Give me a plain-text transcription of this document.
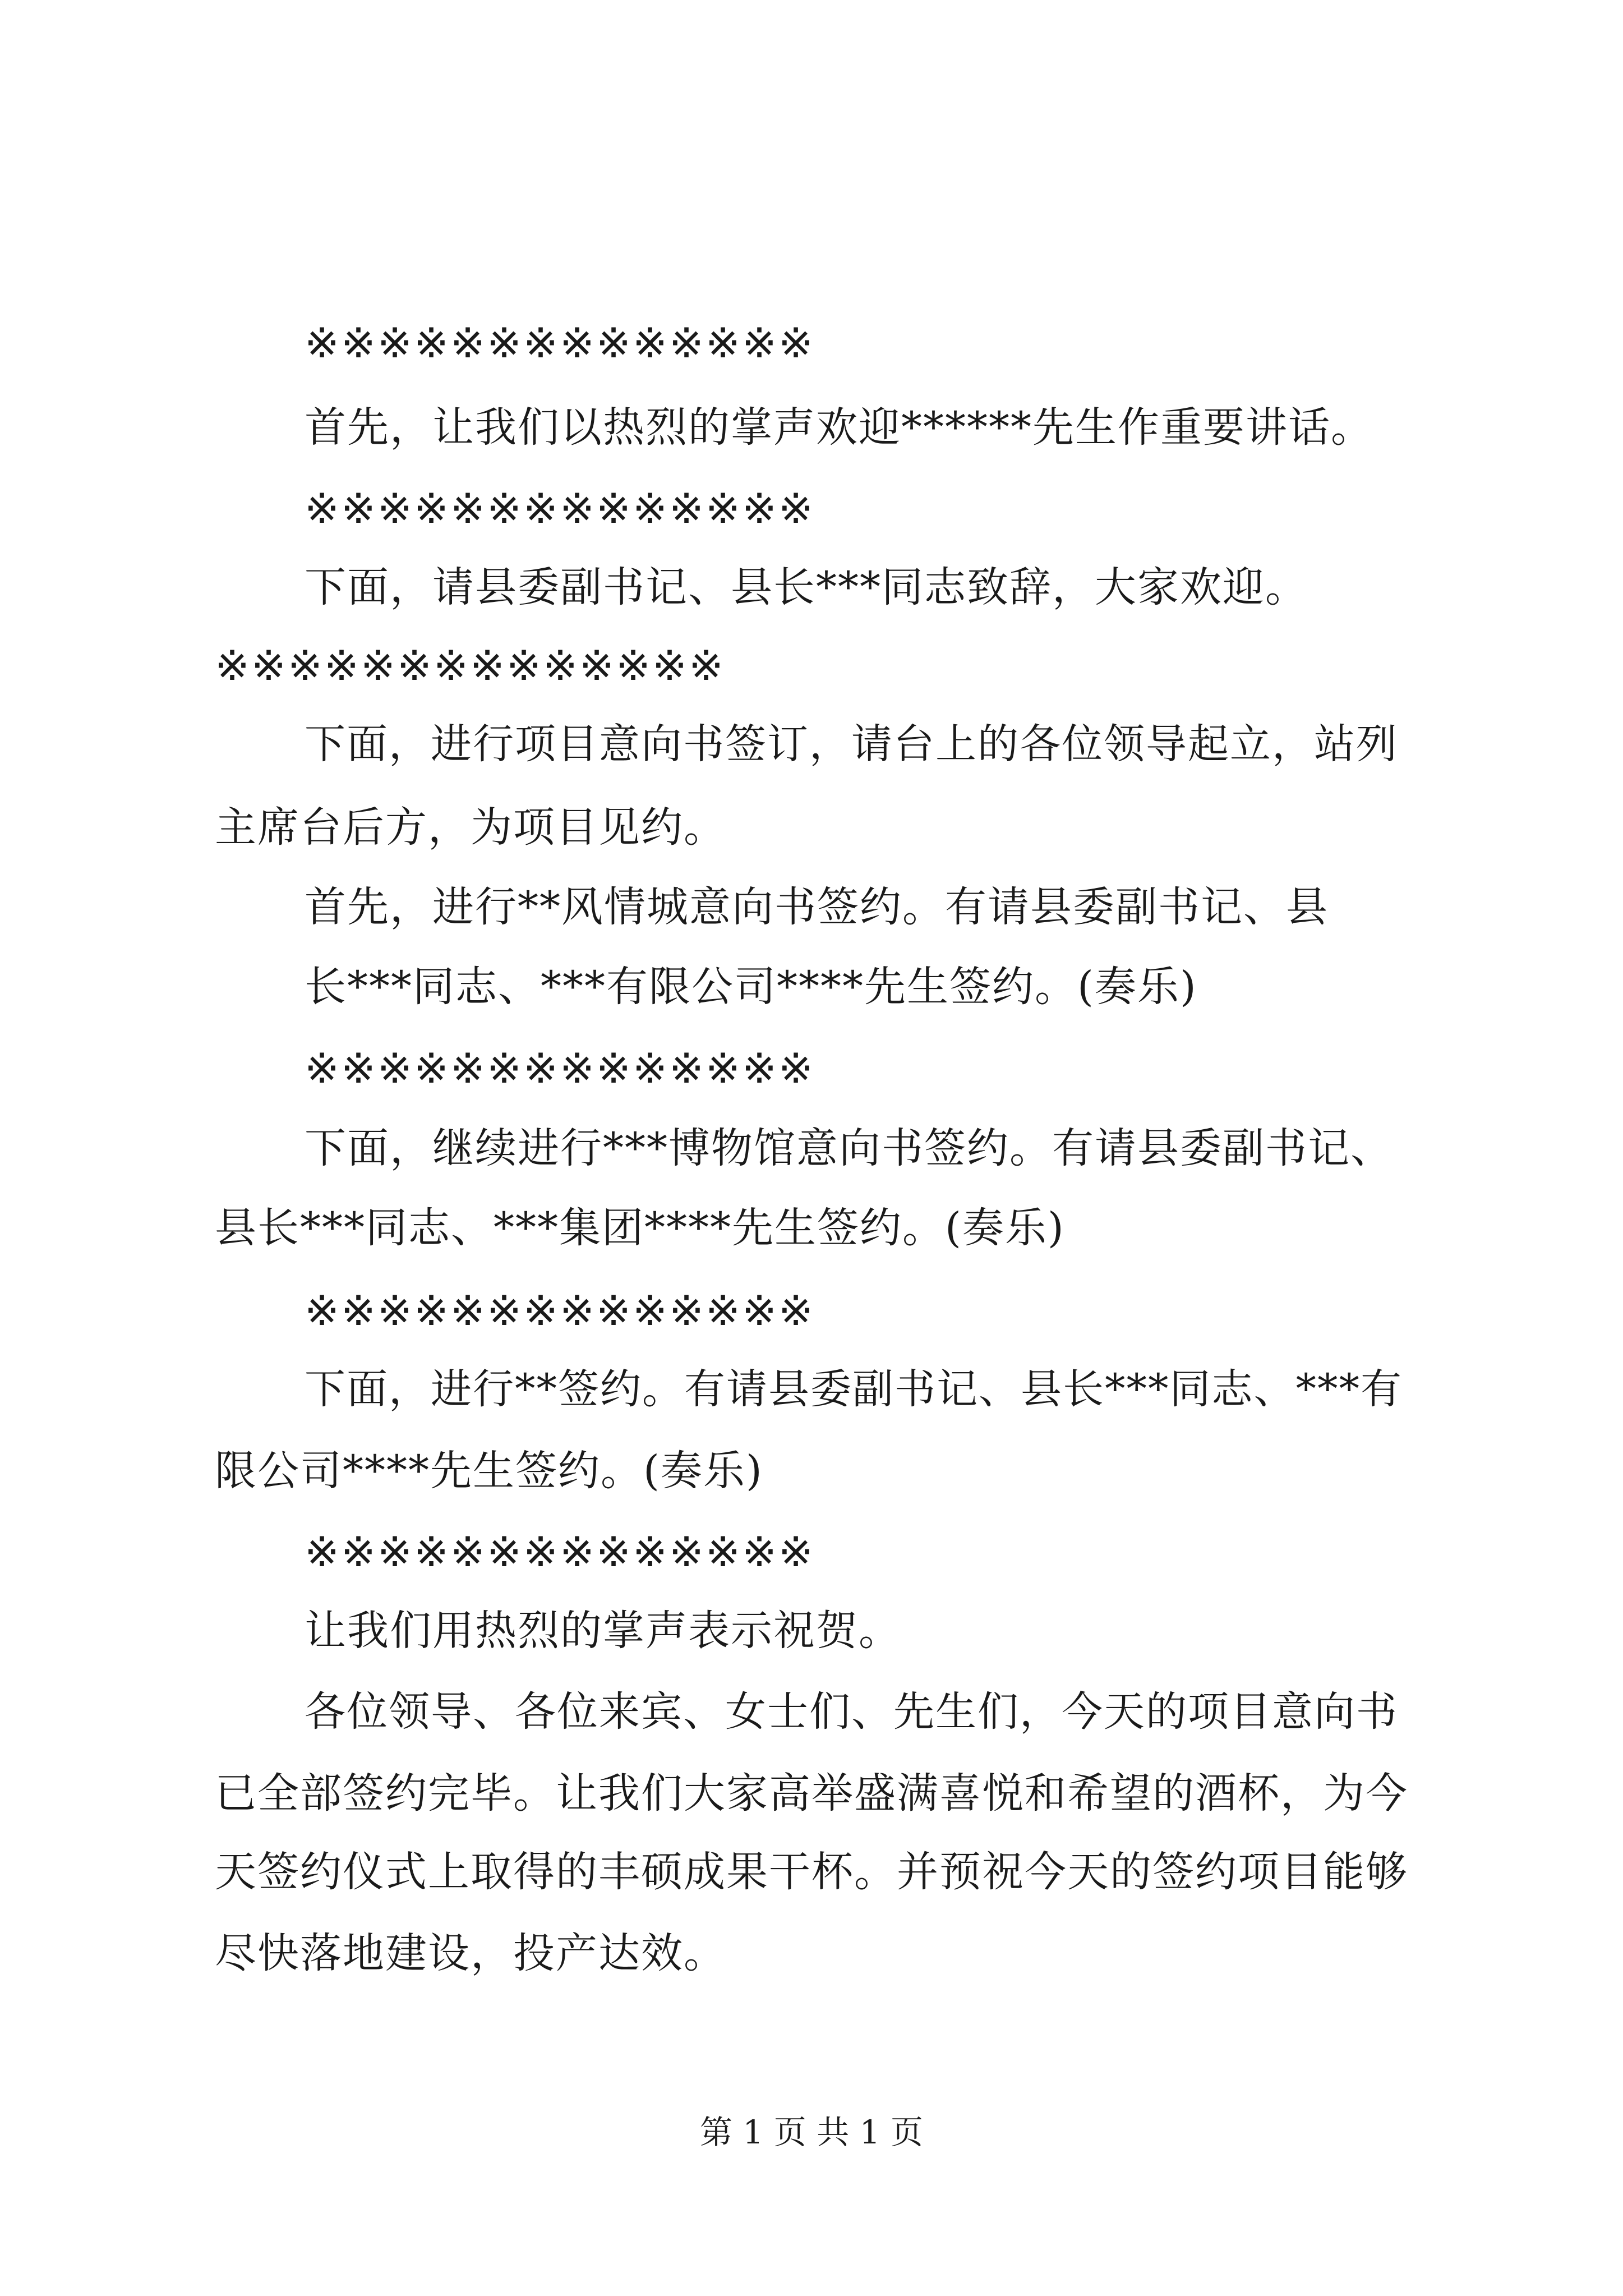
※※※※※※※※※※※※※※
首先，让我们以热烈的掌声欢迎******先生作重要讲话。
※※※※※※※※※※※※※※
下面，请县委副书记、县长***同志致辞，大家欢迎。
※※※※※※※※※※※※※※
下面，进行项目意向书签订，请台上的各位领导起立，站列
主席台后方，为项目见约。
首先，进行**风情城意向书签约。有请县委副书记、县
长***同志、***有限公司****先生签约。(奏乐)
※※※※※※※※※※※※※※
下面，继续进行***博物馆意向书签约。有请县委副书记、
县长***同志、***集团****先生签约。(奏乐)
※※※※※※※※※※※※※※
下面，进行**签约。有请县委副书记、县长***同志、***有
限公司****先生签约。(奏乐)
※※※※※※※※※※※※※※
让我们用热烈的掌声表示祝贺。
各位领导、各位来宾、女士们、先生们，今天的项目意向书
已全部签约完毕。让我们大家高举盛满喜悦和希望的酒杯，为今
天签约仪式上取得的丰硕成果干杯。并预祝今天的签约项目能够
尽快落地建设，投产达效。
第 1 页 共 1 页
